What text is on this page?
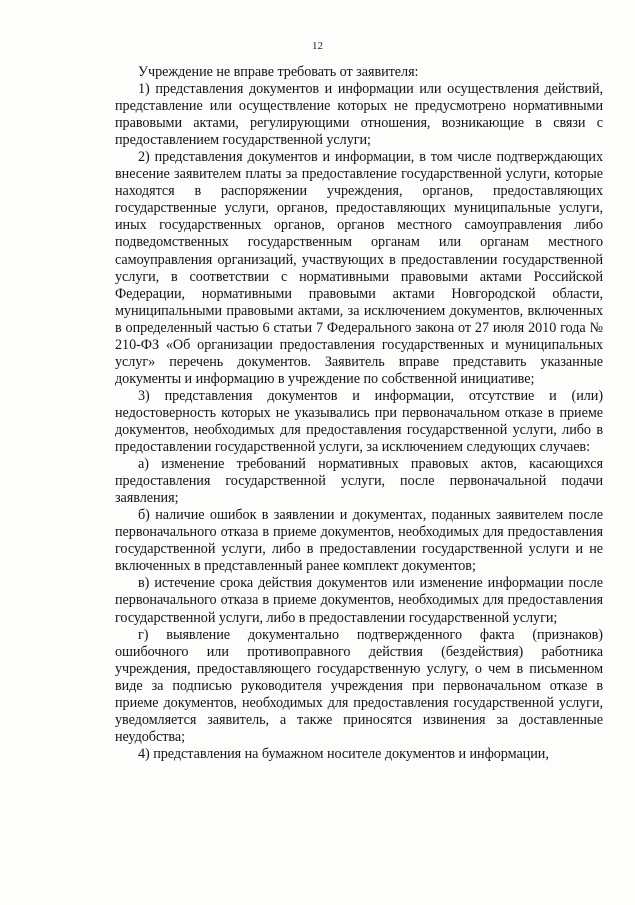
12

Учреждение не вправе требовать от заявителя:

1) представления документов и информации или осуществления действий, представление или осуществление которых не предусмотрено нормативными правовыми актами, регулирующими отношения, возникающие в связи с предоставлением государственной услуги;

2) представления документов и информации, в том числе подтверждающих внесение заявителем платы за предоставление государственной услуги, которые находятся в распоряжении учреждения, органов, предоставляющих государственные услуги, органов, предоставляющих муниципальные услуги, иных государственных органов, органов местного самоуправления либо подведомственных государственным органам или органам местного самоуправления организаций, участвующих в предоставлении государственной услуги, в соответствии с нормативными правовыми актами Российской Федерации, нормативными правовыми актами Новгородской области, муниципальными правовыми актами, за исключением документов, включенных в определенный частью 6 статьи 7 Федерального закона от 27 июля 2010 года № 210-ФЗ «Об организации предоставления государственных и муниципальных услуг» перечень документов. Заявитель вправе представить указанные документы и информацию в учреждение по собственной инициативе;

3) представления документов и информации, отсутствие и (или) недостоверность которых не указывались при первоначальном отказе в приеме документов, необходимых для предоставления государственной услуги, либо в предоставлении государственной услуги, за исключением следующих случаев:

а) изменение требований нормативных правовых актов, касающихся предоставления государственной услуги, после первоначальной подачи заявления;

б) наличие ошибок в заявлении и документах, поданных заявителем после первоначального отказа в приеме документов, необходимых для предоставления государственной услуги, либо в предоставлении государственной услуги и не включенных в представленный ранее комплект документов;

в) истечение срока действия документов или изменение информации после первоначального отказа в приеме документов, необходимых для предоставления государственной услуги, либо в предоставлении государственной услуги;

г) выявление документально подтвержденного факта (признаков) ошибочного или противоправного действия (бездействия) работника учреждения, предоставляющего государственную услугу, о чем в письменном виде за подписью руководителя учреждения при первоначальном отказе в приеме документов, необходимых для предоставления государственной услуги, уведомляется заявитель, а также приносятся извинения за доставленные неудобства;

4) представления на бумажном носителе документов и информации,
